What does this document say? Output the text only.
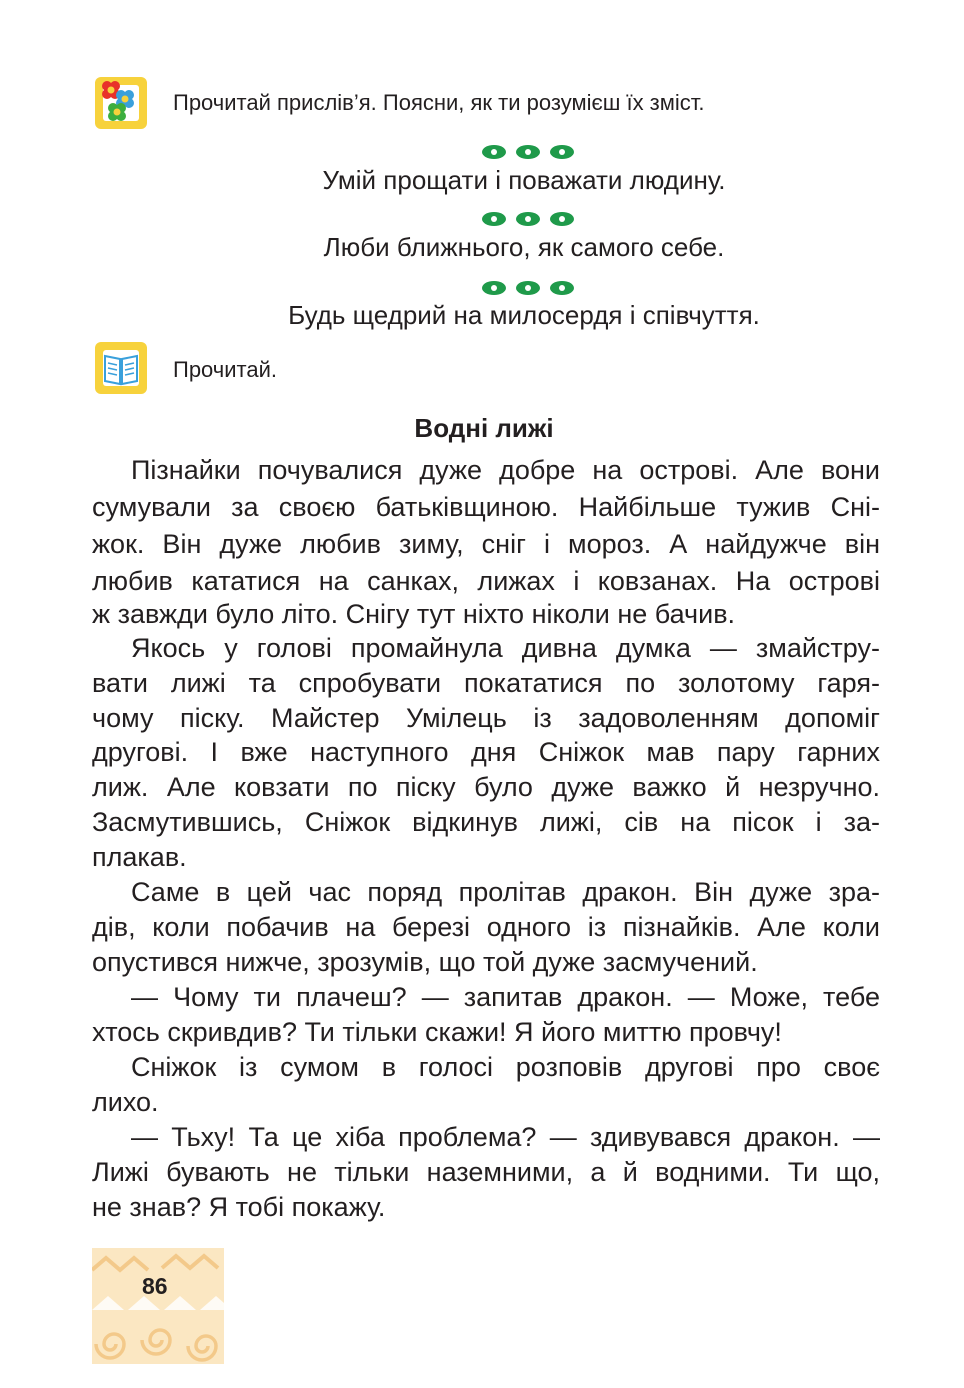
Прочитай прислів’я. Поясни, як ти розумієш їх зміст.
Умій прощати і поважати людину.
Люби ближнього, як самого себе.
Будь щедрий на милосердя і співчуття.
Прочитай.
Водні лижі
Пізнайки почувалися дуже добре на острові. Але вони
сумували за своєю батьківщиною. Найбільше тужив Сні-
жок. Він дуже любив зиму, сніг і мороз. А найдужче він
любив кататися на санках, лижах і ковзанах. На острові
ж завжди було літо. Снігу тут ніхто ніколи не бачив.
Якось у голові промайнула дивна думка — змайстру-
вати лижі та спробувати покататися по золотому гаря-
чому піску. Майстер Умілець із задоволенням допоміг
другові. І вже наступного дня Сніжок мав пару гарних
лиж. Але ковзати по піску було дуже важко й незручно.
Засмутившись, Сніжок відкинув лижі, сів на пісок і за-
плакав.
Саме в цей час поряд пролітав дракон. Він дуже зра-
дів, коли побачив на березі одного із пізнайків. Але коли
опустився нижче, зрозумів, що той дуже засмучений.
— Чому ти плачеш? — запитав дракон. — Може, тебе
хтось скривдив? Ти тільки скажи! Я його миттю провчу!
Сніжок із сумом в голосі розповів другові про своє
лихо.
— Тьху! Та це хіба проблема? — здивувався дракон. —
Лижі бувають не тільки наземними, а й водними. Ти що,
не знав? Я тобі покажу.
86
